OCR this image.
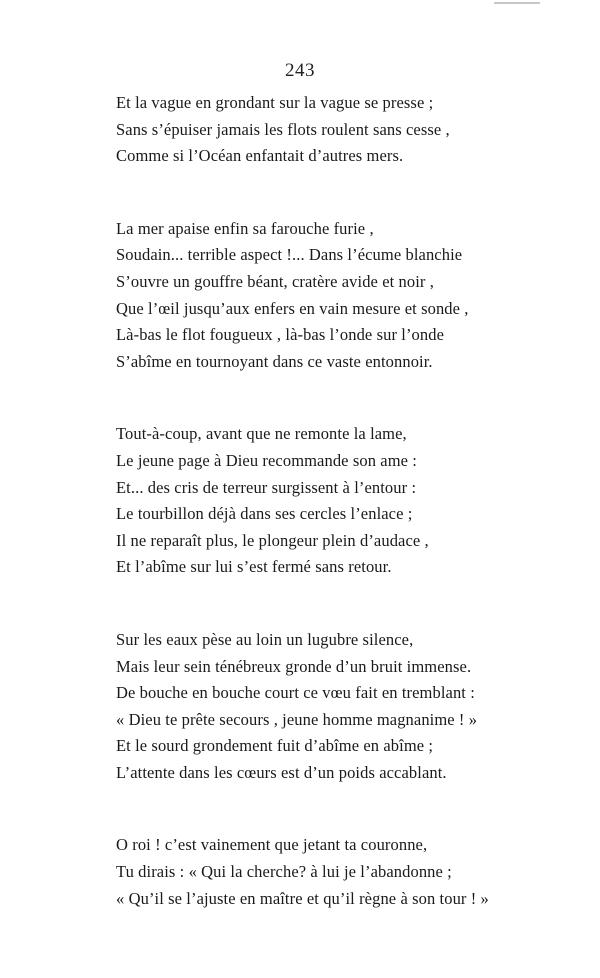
243
Et la vague en grondant sur la vague se presse ;
Sans s’épuiser jamais les flots roulent sans cesse ,
Comme si l’Océan enfantait d’autres mers.
La mer apaise enfin sa farouche furie ,
Soudain... terrible aspect !... Dans l’écume blanchie
S’ouvre un gouffre béant, cratère avide et noir ,
Que l’œil jusqu’aux enfers en vain mesure et sonde ,
Là-bas le flot fougueux , là-bas l’onde sur l’onde
S’abîme en tournoyant dans ce vaste entonnoir.
Tout-à-coup, avant que ne remonte la lame,
Le jeune page à Dieu recommande son ame :
Et... des cris de terreur surgissent à l’entour :
Le tourbillon déjà dans ses cercles l’enlace ;
Il ne reparaît plus, le plongeur plein d’audace ,
Et l’abîme sur lui s’est fermé sans retour.
Sur les eaux pèse au loin un lugubre silence,
Mais leur sein ténébreux gronde d’un bruit immense.
De bouche en bouche court ce vœu fait en tremblant :
« Dieu te prête secours , jeune homme magnanime ! »
Et le sourd grondement fuit d’abîme en abîme ;
L’attente dans les cœurs est d’un poids accablant.
O roi ! c’est vainement que jetant ta couronne,
Tu dirais : « Qui la cherche? à lui je l’abandonne ;
« Qu’il se l’ajuste en maître et qu’il règne à son tour ! »
